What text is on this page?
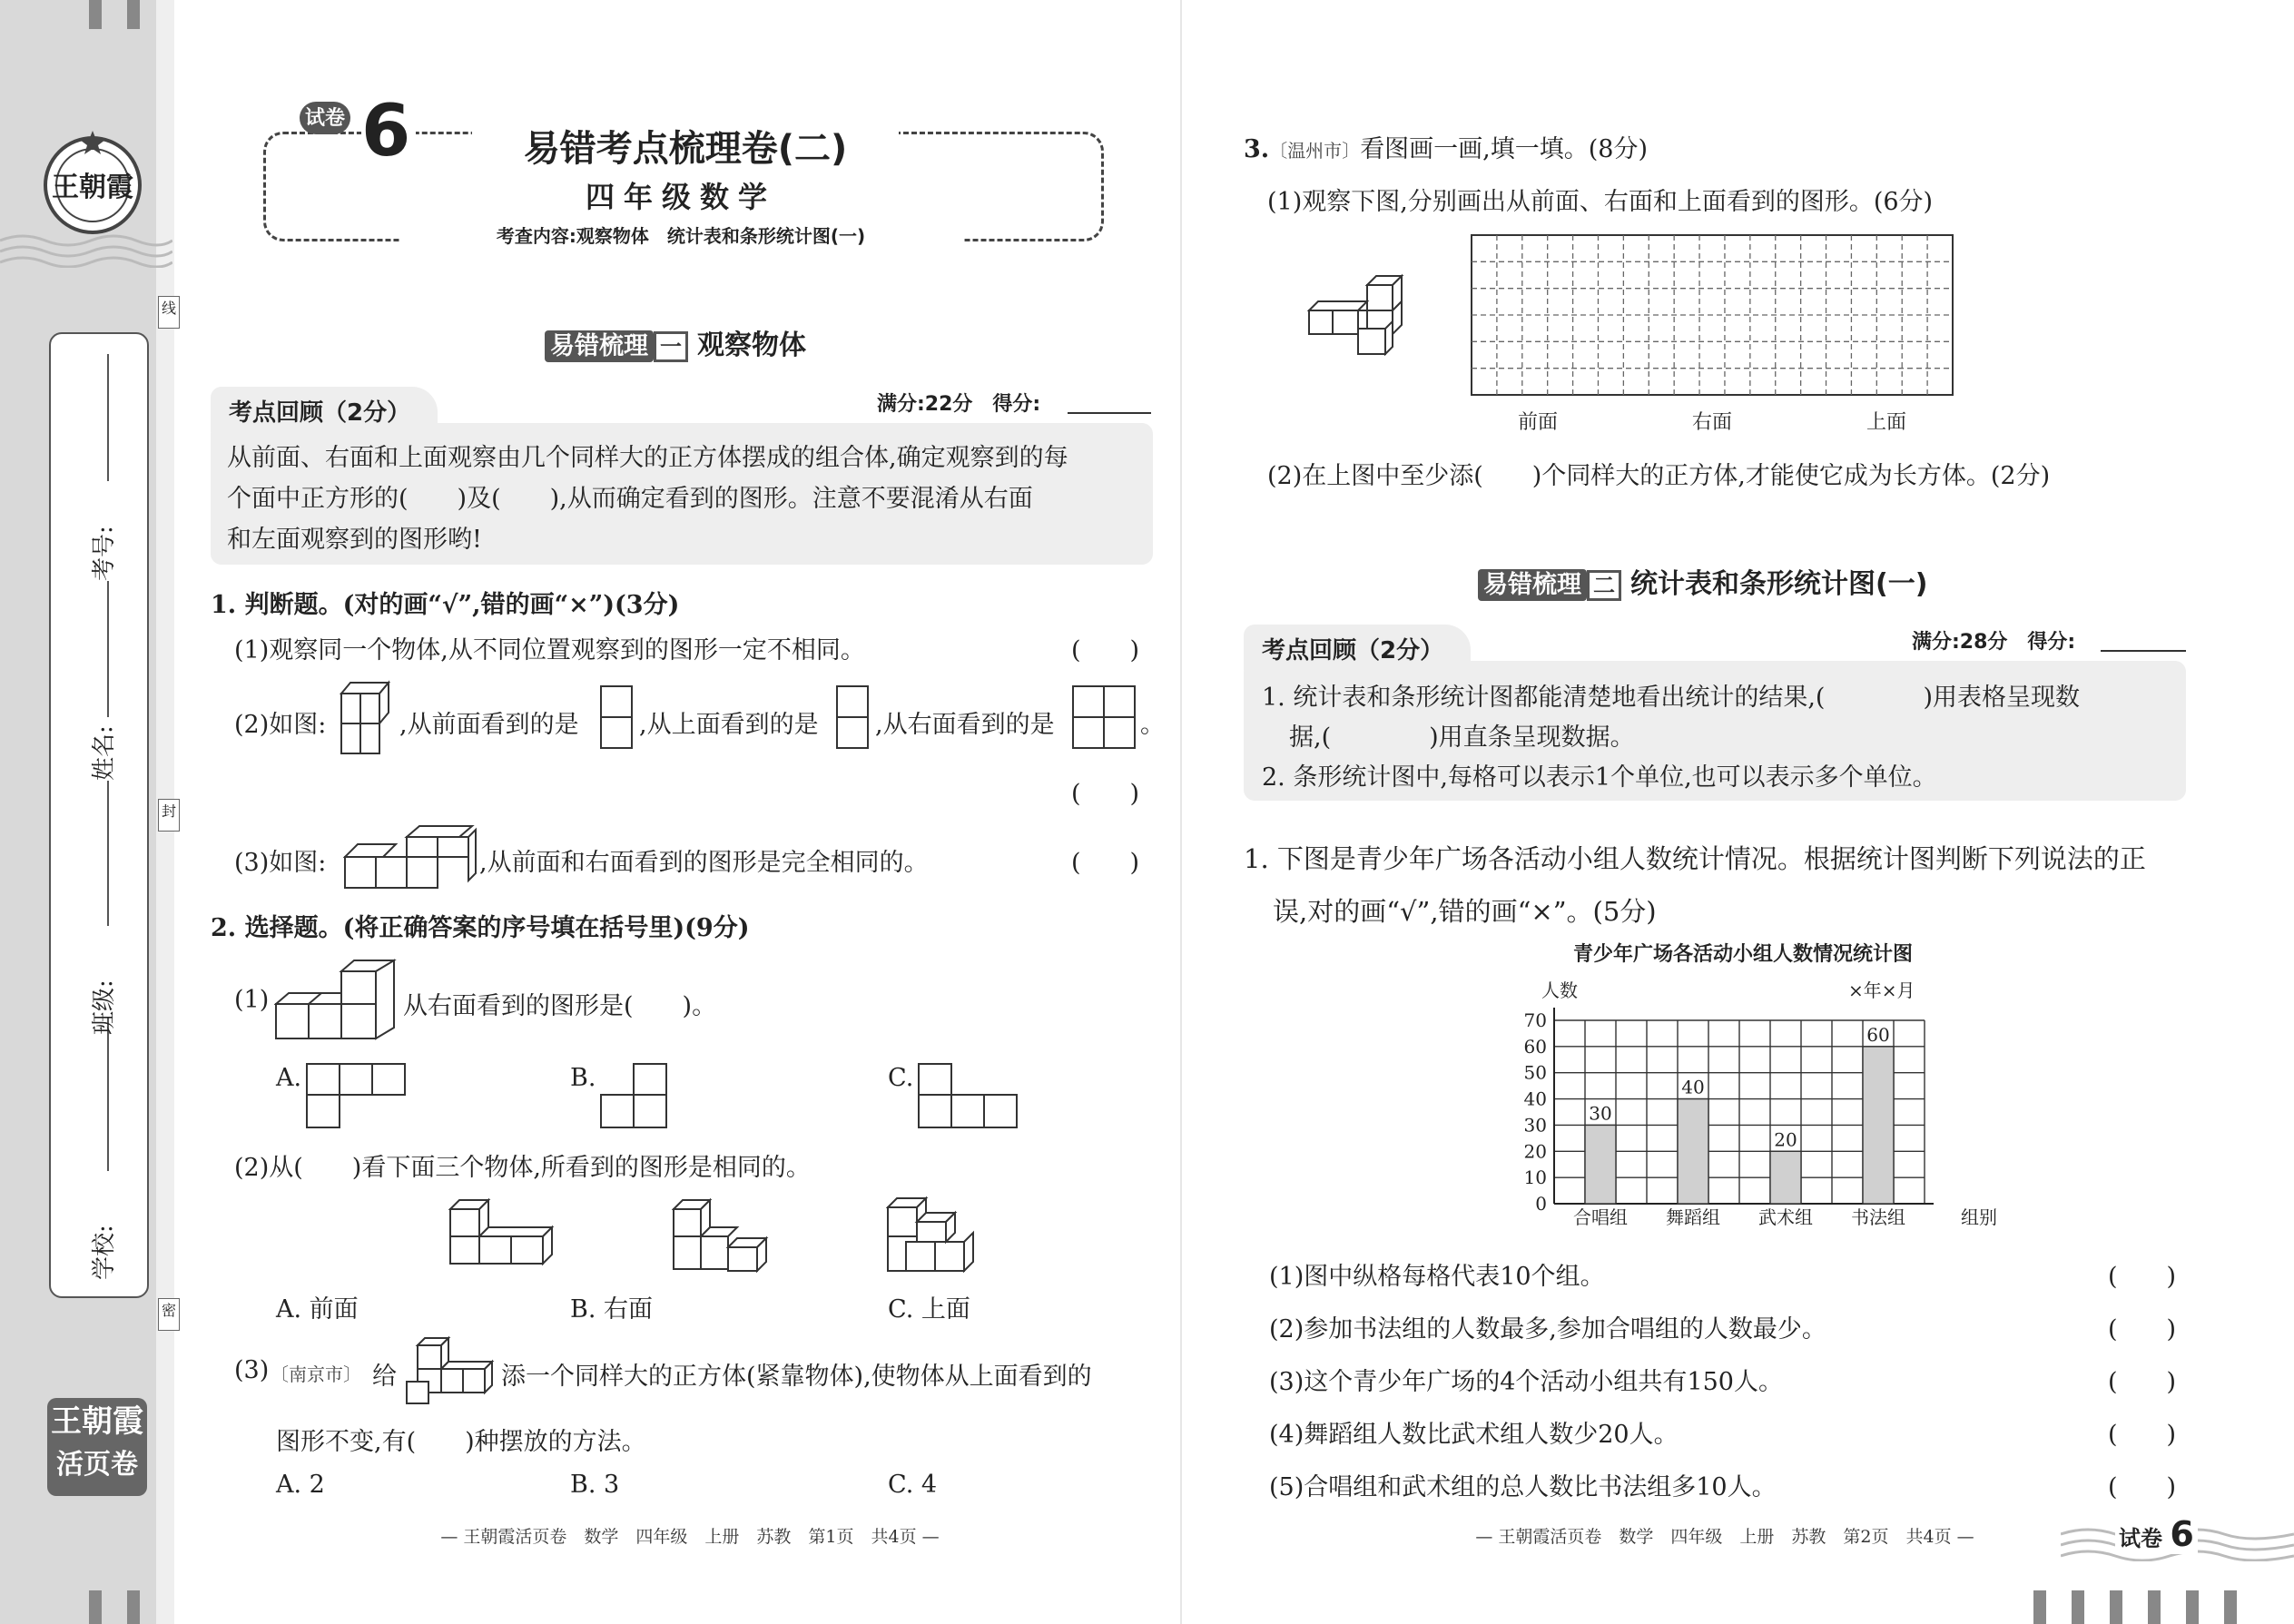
王朝霞
线
封
密
学校:
班级:
姓名:
考号:
王朝霞
活页卷
试卷 6	易错考点梳理卷(二)
四年级数学
考查内容:观察物体　统计表和条形统计图(一)
易错梳理 一 观察物体
考点回顾（2分）	满分:22分　得分:
从前面、右面和上面观察由几个同样大的正方体摆成的组合体,确定观察到的每
个面中正方形的(　　)及(　　),从而确定看到的图形。注意不要混淆从右面
和左面观察到的图形哟!
1. 判断题。(对的画“√”,错的画“×”)(3分)
(1)观察同一个物体,从不同位置观察到的图形一定不相同。	(　　)
(2)如图:	,从前面看到的是 ,从上面看到的是 ,从右面看到的是	。
(　　)
(3)如图:	,从前面和右面看到的图形是完全相同的。	(　　)
2. 选择题。(将正确答案的序号填在括号里)(9分)
(1)	从右面看到的图形是(　　)。
A.	B.	C.
(2)从(　　)看下面三个物体,所看到的图形是相同的。
A. 前面	B. 右面	C. 上面
(3) 〔南京市〕 给	添一个同样大的正方体(紧靠物体),使物体从上面看到的
图形不变,有(　　)种摆放的方法。
A. 2	B. 3	C. 4
— 王朝霞活页卷　数学　四年级　上册　苏教　第1页　共4页 —
3.〔温州市〕看图画一画,填一填。(8分)
(1)观察下图,分别画出从前面、右面和上面看到的图形。(6分)
前面	右面	上面
(2)在上图中至少添(　　)个同样大的正方体,才能使它成为长方体。(2分)
易错梳理 二 统计表和条形统计图(一)
考点回顾（2分）	满分:28分　得分:
1. 统计表和条形统计图都能清楚地看出统计的结果,(　　　　)用表格呈现数
据,(　　　　)用直条呈现数据。
2. 条形统计图中,每格可以表示1个单位,也可以表示多个单位。
1. 下图是青少年广场各活动小组人数统计情况。根据统计图判断下列说法的正
误,对的画“√”,错的画“×”。(5分)
青少年广场各活动小组人数情况统计图
人数	×年×月
组别
0
10
20
30
40
50
60
70
30
合唱组
40
舞蹈组
20
武术组
60
书法组
(1)图中纵格每格代表10个组。	(　　)
(2)参加书法组的人数最多,参加合唱组的人数最少。	(　　)
(3)这个青少年广场的4个活动小组共有150人。	(　　)
(4)舞蹈组人数比武术组人数少20人。	(　　)
(5)合唱组和武术组的总人数比书法组多10人。	(　　)
— 王朝霞活页卷　数学　四年级　上册　苏教　第2页　共4页 —	试卷 6
